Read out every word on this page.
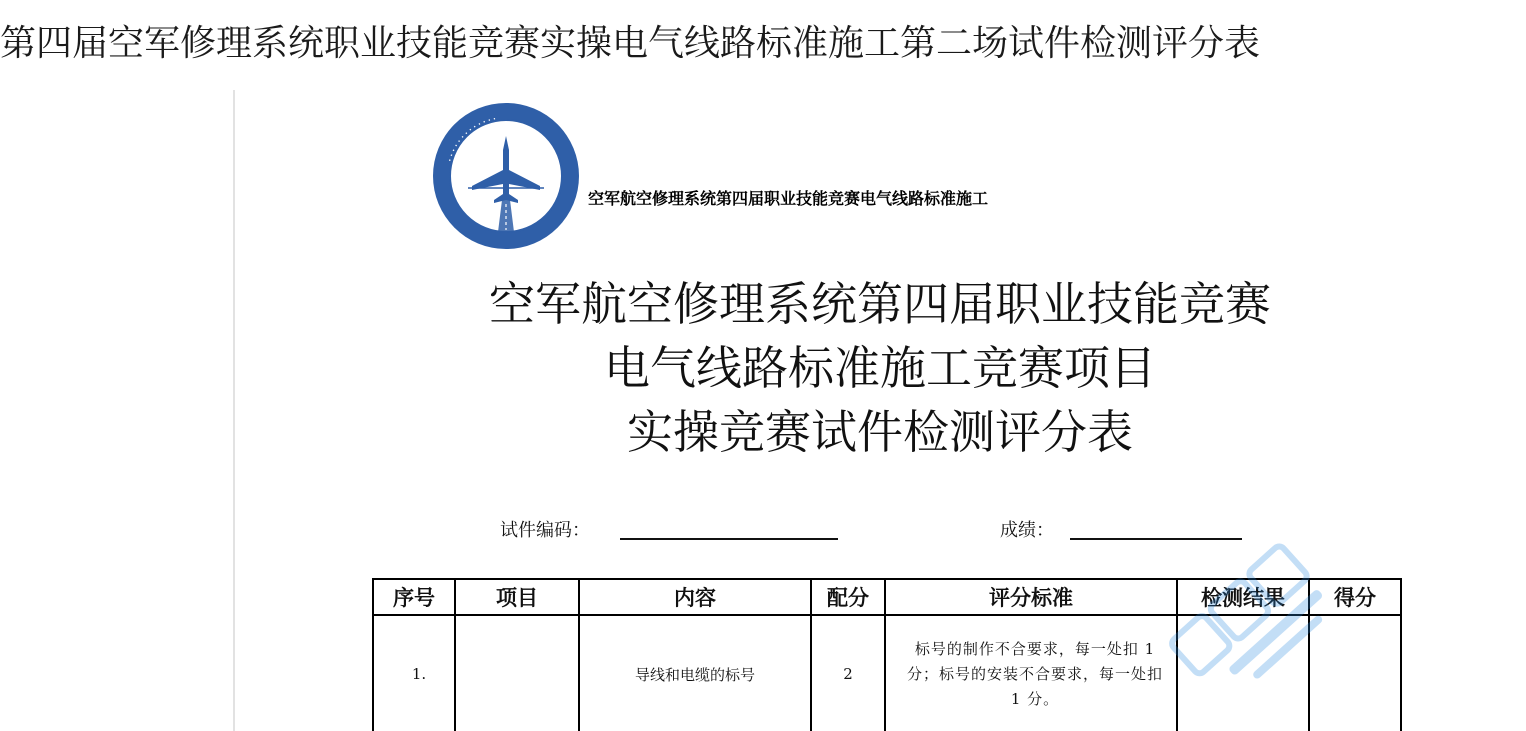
第四届空军修理系统职业技能竞赛实操电气线路标准施工第二场试件检测评分表
· · · · · · · · · · · · ·
空军航空修理系统第四届职业技能竞赛电气线路标准施工
空军航空修理系统第四届职业技能竞赛
电气线路标准施工竞赛项目
实操竞赛试件检测评分表
试件编码：	成绩：
序号	项目	内容	配分	评分标准	检测结果	得分
1.		导线和电缆的标号	2	标号的制作不合要求，每一处扣 1 分；标号的安装不合要求，每一处扣 1 分。		
